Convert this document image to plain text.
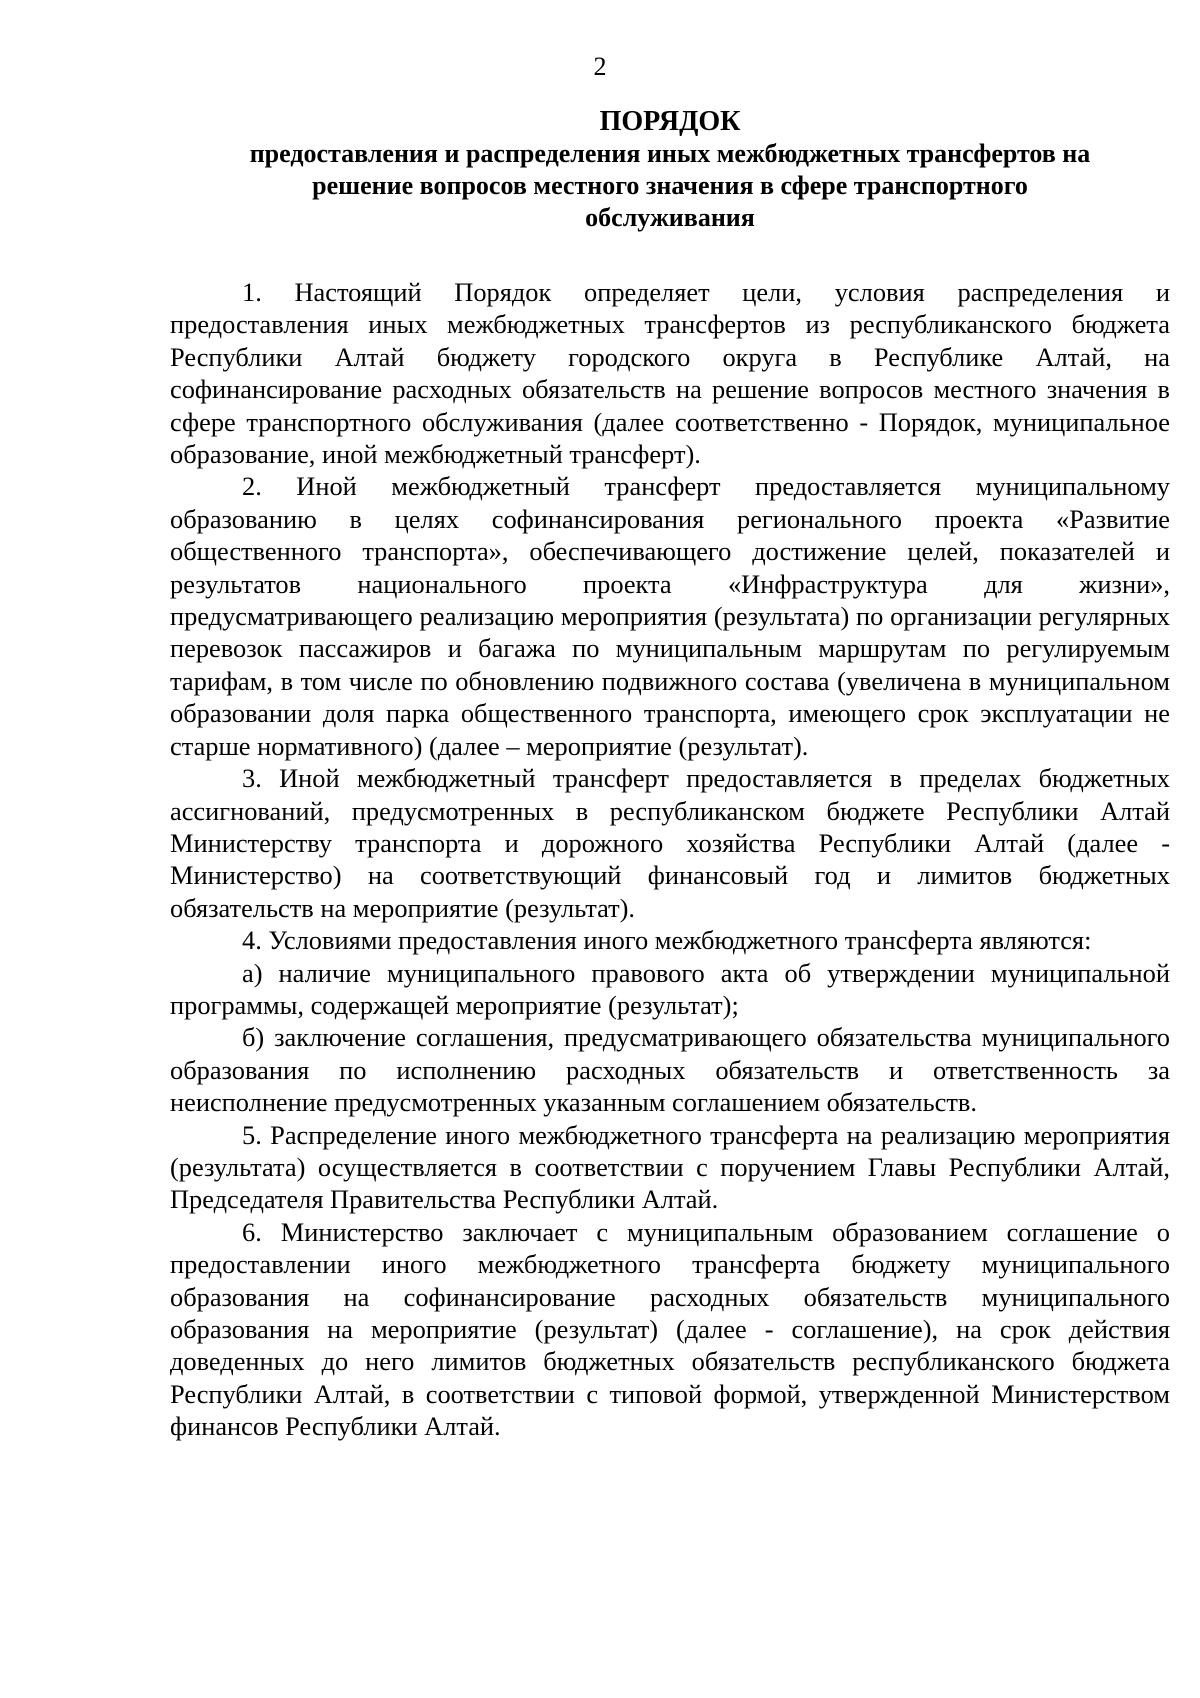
2
ПОРЯДОК
предоставления и распределения иных межбюджетных трансфертов на
решение вопросов местного значения в сфере транспортного
обслуживания

1. Настоящий Порядок определяет цели, условия распределения и предоставления иных межбюджетных трансфертов из республиканского бюджета Республики Алтай бюджету городского округа в Республике Алтай, на софинансирование расходных обязательств на решение вопросов местного значения в сфере транспортного обслуживания (далее соответственно - Порядок, муниципальное образование, иной межбюджетный трансферт).

2. Иной межбюджетный трансферт предоставляется муниципальному образованию в целях софинансирования регионального проекта «Развитие общественного транспорта», обеспечивающего достижение целей, показателей и результатов национального проекта «Инфраструктура для жизни», предусматривающего реализацию мероприятия (результата) по организации регулярных перевозок пассажиров и багажа по муниципальным маршрутам по регулируемым тарифам, в том числе по обновлению подвижного состава (увеличена в муниципальном образовании доля парка общественного транспорта, имеющего срок эксплуатации не старше нормативного) (далее – мероприятие (результат).

3. Иной межбюджетный трансферт предоставляется в пределах бюджетных ассигнований, предусмотренных в республиканском бюджете Республики Алтай Министерству транспорта и дорожного хозяйства Республики Алтай (далее - Министерство) на соответствующий финансовый год и лимитов бюджетных обязательств на мероприятие (результат).

4. Условиями предоставления иного межбюджетного трансферта являются:

а) наличие муниципального правового акта об утверждении муниципальной программы, содержащей мероприятие (результат);

б) заключение соглашения, предусматривающего обязательства муниципального образования по исполнению расходных обязательств и ответственность за неисполнение предусмотренных указанным соглашением обязательств.

5. Распределение иного межбюджетного трансферта на реализацию мероприятия (результата) осуществляется в соответствии с поручением Главы Республики Алтай, Председателя Правительства Республики Алтай.

6. Министерство заключает с муниципальным образованием соглашение о предоставлении иного межбюджетного трансферта бюджету муниципального образования на софинансирование расходных обязательств муниципального образования на мероприятие (результат) (далее - соглашение), на срок действия доведенных до него лимитов бюджетных обязательств республиканского бюджета Республики Алтай, в соответствии с типовой формой, утвержденной Министерством финансов Республики Алтай.
